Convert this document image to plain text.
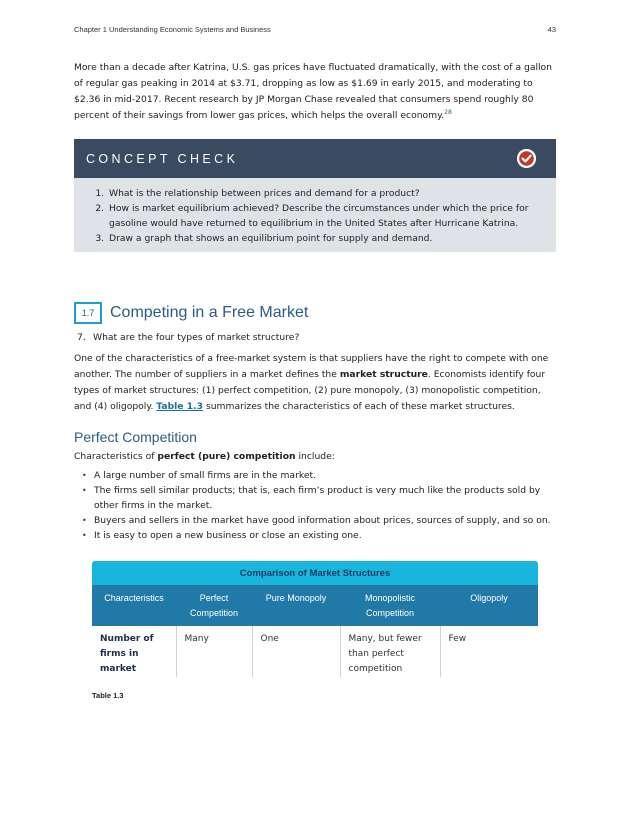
Chapter 1 Understanding Economic Systems and Business	43

More than a decade after Katrina, U.S. gas prices have fluctuated dramatically, with the cost of a gallon of regular gas peaking in 2014 at $3.71, dropping as low as $1.69 in early 2015, and moderating to $2.36 in mid-2017. Recent research by JP Morgan Chase revealed that consumers spend roughly 80 percent of their savings from lower gas prices, which helps the overall economy.$^{28}$

CONCEPT CHECK
1. What is the relationship between prices and demand for a product?
2. How is market equilibrium achieved? Describe the circumstances under which the price for gasoline would have returned to equilibrium in the United States after Hurricane Katrina.
3. Draw a graph that shows an equilibrium point for supply and demand.
1.7 Competing in a Free Market
7. What are the four types of market structure?

One of the characteristics of a free-market system is that suppliers have the right to compete with one another. The number of suppliers in a market defines the market structure. Economists identify four types of market structures: (1) perfect competition, (2) pure monopoly, (3) monopolistic competition, and (4) oligopoly. Table 1.3 summarizes the characteristics of each of these market structures.

Perfect Competition

Characteristics of perfect (pure) competition include:

• A large number of small firms are in the market.
• The firms sell similar products; that is, each firm’s product is very much like the products sold by other firms in the market.
• Buyers and sellers in the market have good information about prices, sources of supply, and so on.
• It is easy to open a new business or close an existing one.
Comparison of Market Structures				
Characteristics	Perfect Competition	Pure Monopoly	Monopolistic Competition	Oligopoly
Number of firms in market	Many	One	Many, but fewer than perfect competition	Few
Table 1.3
